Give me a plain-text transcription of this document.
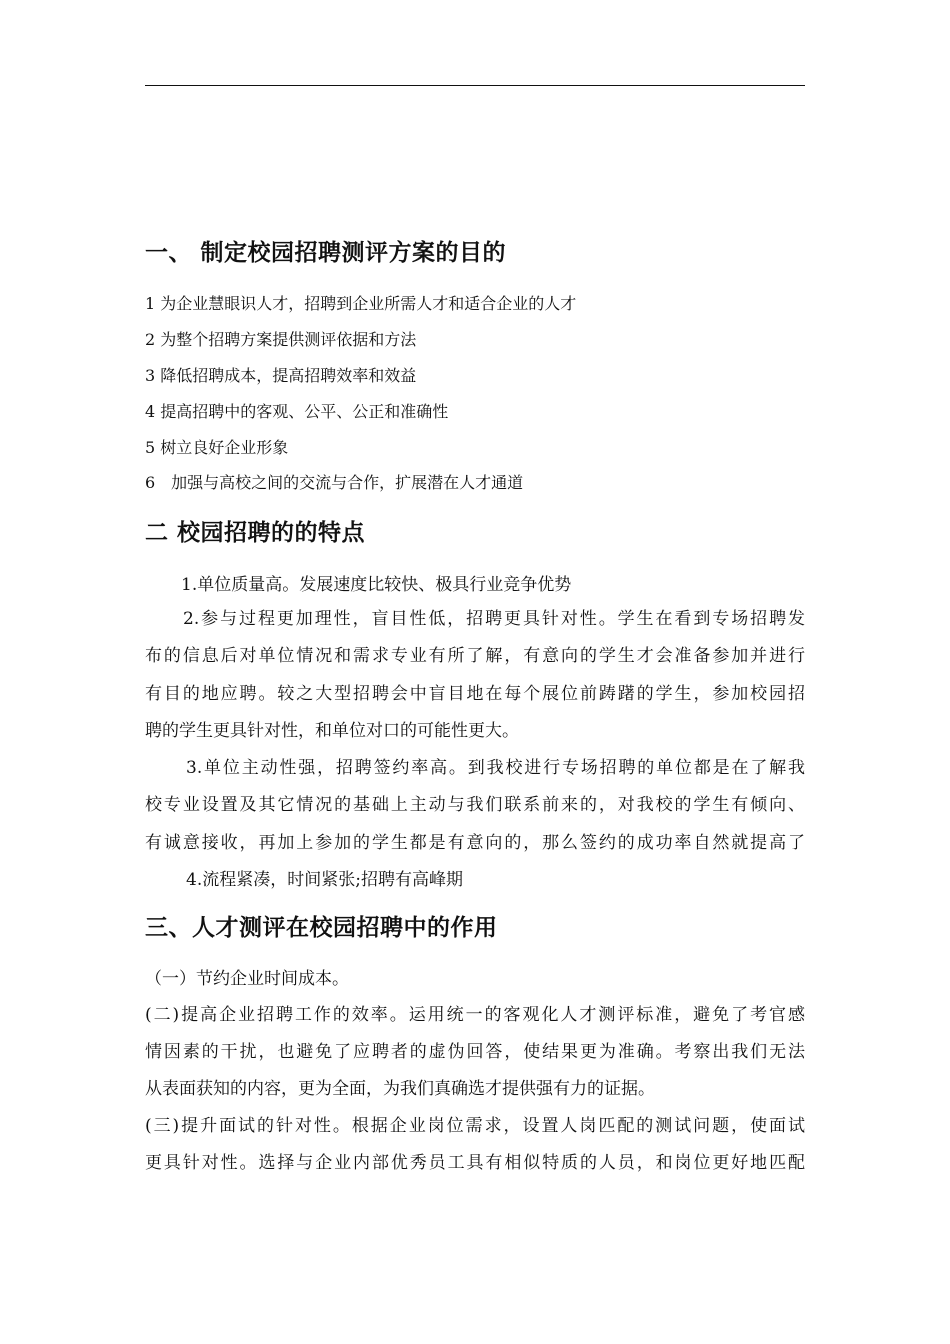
一、 制定校园招聘测评方案的目的
1 为企业慧眼识人才，招聘到企业所需人才和适合企业的人才
2 为整个招聘方案提供测评依据和方法
3 降低招聘成本，提高招聘效率和效益
4 提高招聘中的客观、公平、公正和准确性
5 树立良好企业形象
6　加强与高校之间的交流与合作，扩展潜在人才通道
二 校园招聘的的特点
1.单位质量高。发展速度比较快、极具行业竞争优势
2.参与过程更加理性，盲目性低，招聘更具针对性。学生在看到专场招聘发
布的信息后对单位情况和需求专业有所了解，有意向的学生才会准备参加并进行
有目的地应聘。较之大型招聘会中盲目地在每个展位前踌躇的学生，参加校园招
聘的学生更具针对性，和单位对口的可能性更大。
3.单位主动性强，招聘签约率高。到我校进行专场招聘的单位都是在了解我
校专业设置及其它情况的基础上主动与我们联系前来的，对我校的学生有倾向、
有诚意接收，再加上参加的学生都是有意向的，那么签约的成功率自然就提高了
4.流程紧凑，时间紧张;招聘有高峰期
三、人才测评在校园招聘中的作用
（一）节约企业时间成本。
(二)提高企业招聘工作的效率。运用统一的客观化人才测评标准，避免了考官感
情因素的干扰，也避免了应聘者的虚伪回答，使结果更为准确。考察出我们无法
从表面获知的内容，更为全面，为我们真确选才提供强有力的证据。
(三)提升面试的针对性。根据企业岗位需求，设置人岗匹配的测试问题，使面试
更具针对性。选择与企业内部优秀员工具有相似特质的人员，和岗位更好地匹配
